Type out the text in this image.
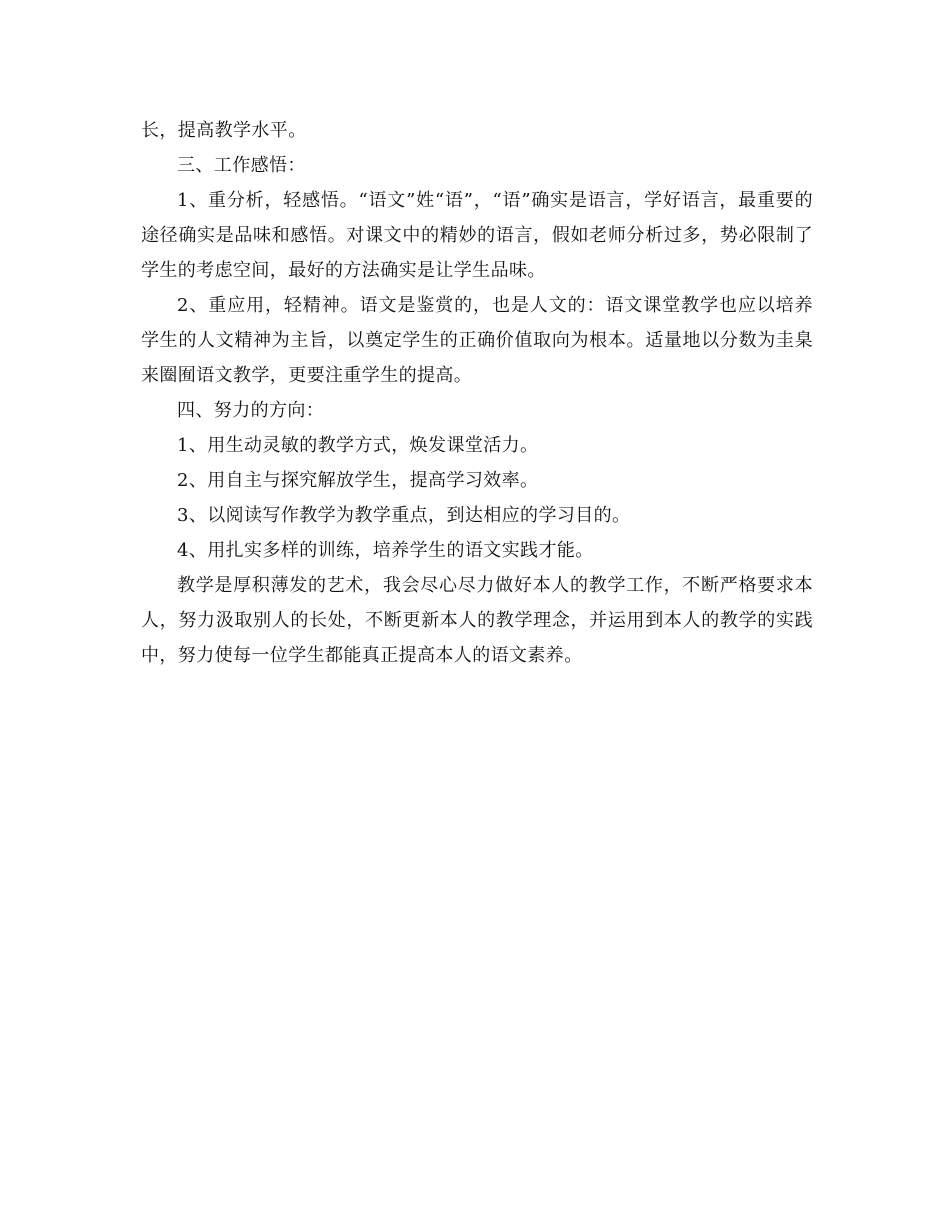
长，提高教学水平。

三、工作感悟：

1、重分析，轻感悟。“语文”姓“语”，“语”确实是语言，学好语言，最重要的途径确实是品味和感悟。对课文中的精妙的语言，假如老师分析过多，势必限制了学生的考虑空间，最好的方法确实是让学生品味。

2、重应用，轻精神。语文是鉴赏的，也是人文的：语文课堂教学也应以培养学生的人文精神为主旨，以奠定学生的正确价值取向为根本。适量地以分数为圭臬来圈囿语文教学，更要注重学生的提高。

四、努力的方向：

1、用生动灵敏的教学方式，焕发课堂活力。

2、用自主与探究解放学生，提高学习效率。

3、以阅读写作教学为教学重点，到达相应的学习目的。

4、用扎实多样的训练，培养学生的语文实践才能。

教学是厚积薄发的艺术，我会尽心尽力做好本人的教学工作，不断严格要求本人，努力汲取别人的长处，不断更新本人的教学理念，并运用到本人的教学的实践中，努力使每一位学生都能真正提高本人的语文素养。
